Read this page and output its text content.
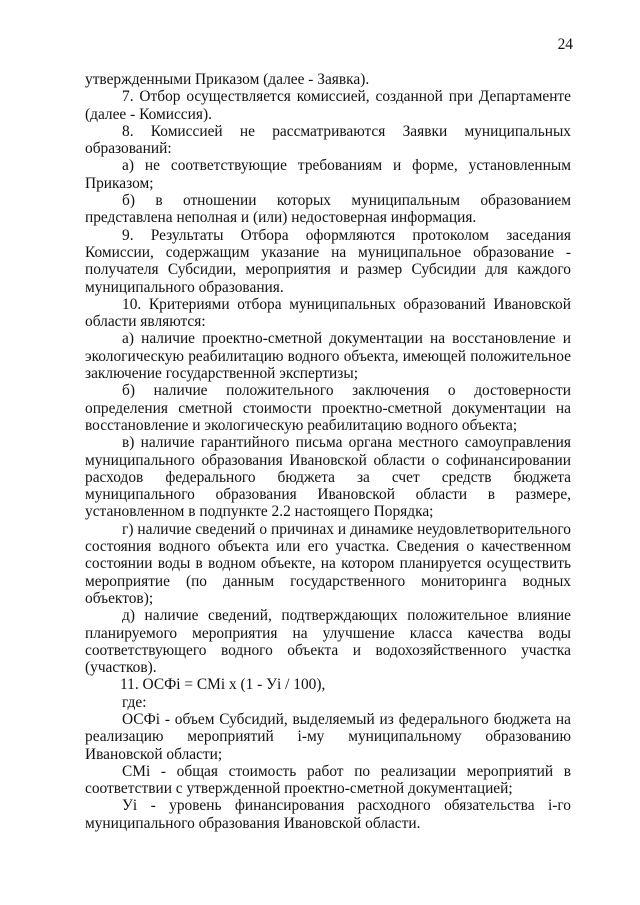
24

утвержденными Приказом (далее - Заявка).

7. Отбор осуществляется комиссией, созданной при Департаменте (далее - Комиссия).

8. Комиссией не рассматриваются Заявки муниципальных образований:

а) не соответствующие требованиям и форме, установленным Приказом;

б) в отношении которых муниципальным образованием представлена неполная и (или) недостоверная информация.

9. Результаты Отбора оформляются протоколом заседания Комиссии, содержащим указание на муниципальное образование - получателя Субсидии, мероприятия и размер Субсидии для каждого муниципального образования.

10. Критериями отбора муниципальных образований Ивановской области являются:

а) наличие проектно-сметной документации на восстановление и экологическую реабилитацию водного объекта, имеющей положительное заключение государственной экспертизы;

б) наличие положительного заключения о достоверности определения сметной стоимости проектно-сметной документации на восстановление и экологическую реабилитацию водного объекта;

в) наличие гарантийного письма органа местного самоуправления муниципального образования Ивановской области о софинансировании расходов федерального бюджета за счет средств бюджета муниципального образования Ивановской области в размере, установленном в подпункте 2.2 настоящего Порядка;

г) наличие сведений о причинах и динамике неудовлетворительного состояния водного объекта или его участка. Сведения о качественном состоянии воды в водном объекте, на котором планируется осуществить мероприятие (по данным государственного мониторинга водных объектов);

д) наличие сведений, подтверждающих положительное влияние планируемого мероприятия на улучшение класса качества воды соответствующего водного объекта и водохозяйственного участка (участков).

11. ОСФi = СМi х (1 - Уi / 100),

где:

ОСФi - объем Субсидий, выделяемый из федерального бюджета на реализацию мероприятий i-му муниципальному образованию Ивановской области;

СМi - общая стоимость работ по реализации мероприятий в соответствии с утвержденной проектно-сметной документацией;

Уi - уровень финансирования расходного обязательства i-го муниципального образования Ивановской области.
